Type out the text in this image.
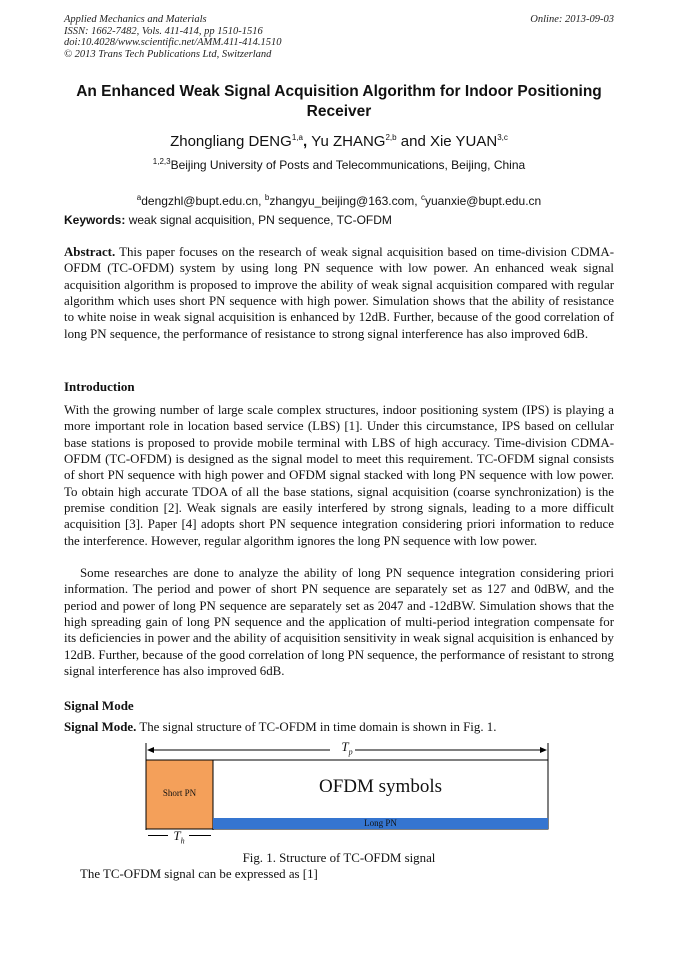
Applied Mechanics and Materials
ISSN: 1662-7482, Vols. 411-414, pp 1510-1516
doi:10.4028/www.scientific.net/AMM.411-414.1510
© 2013 Trans Tech Publications Ltd, Switzerland
Online: 2013-09-03
An Enhanced Weak Signal Acquisition Algorithm for Indoor Positioning Receiver
Zhongliang DENG$^{1,a}$, Yu ZHANG$^{2,b}$ and Xie YUAN$^{3,c}$
$^{1,2,3}$Beijing University of Posts and Telecommunications, Beijing, China

$^a$dengzhl@bupt.edu.cn, $^b$zhangyu_beijing@163.com, $^c$yuanxie@bupt.edu.cn
Keywords: weak signal acquisition, PN sequence, TC-OFDM
Abstract. This paper focuses on the research of weak signal acquisition based on time-division CDMA-OFDM (TC-OFDM) system by using long PN sequence with low power. An enhanced weak signal acquisition algorithm is proposed to improve the ability of weak signal acquisition compared with regular algorithm which uses short PN sequence with high power. Simulation shows that the ability of resistance to white noise in weak signal acquisition is enhanced by 12dB. Further, because of the good correlation of long PN sequence, the performance of resistance to strong signal interference has also improved 6dB.
Introduction
With the growing number of large scale complex structures, indoor positioning system (IPS) is playing a more important role in location based service (LBS) [1]. Under this circumstance, IPS based on cellular base stations is proposed to provide mobile terminal with LBS of high accuracy. Time-division CDMA-OFDM (TC-OFDM) is designed as the signal model to meet this requirement. TC-OFDM signal consists of short PN sequence with high power and OFDM signal stacked with long PN sequence with low power. To obtain high accurate TDOA of all the base stations, signal acquisition (coarse synchronization) is the premise condition [2]. Weak signals are easily interfered by strong signals, leading to a more difficult acquisition [3]. Paper [4] adopts short PN sequence integration considering priori information to reduce the interference. However, regular algorithm ignores the long PN sequence with low power.
Some researches are done to analyze the ability of long PN sequence integration considering priori information. The period and power of short PN sequence are separately set as 127 and 0dBW, and the period and power of long PN sequence are separately set as 2047 and -12dBW. Simulation shows that the high spreading gain of long PN sequence and the application of multi-period integration compensate for its deficiencies in power and the ability of acquisition sensitivity in weak signal acquisition is enhanced by 12dB. Further, because of the good correlation of long PN sequence, the performance of resistant to strong signal interference has also improved 6dB.
Signal Mode
Signal Mode. The signal structure of TC-OFDM in time domain is shown in Fig. 1.
$T_p$
Short PN	OFDM symbols
Long PN
$T_h$
Fig. 1. Structure of TC-OFDM signal
The TC-OFDM signal can be expressed as [1]
